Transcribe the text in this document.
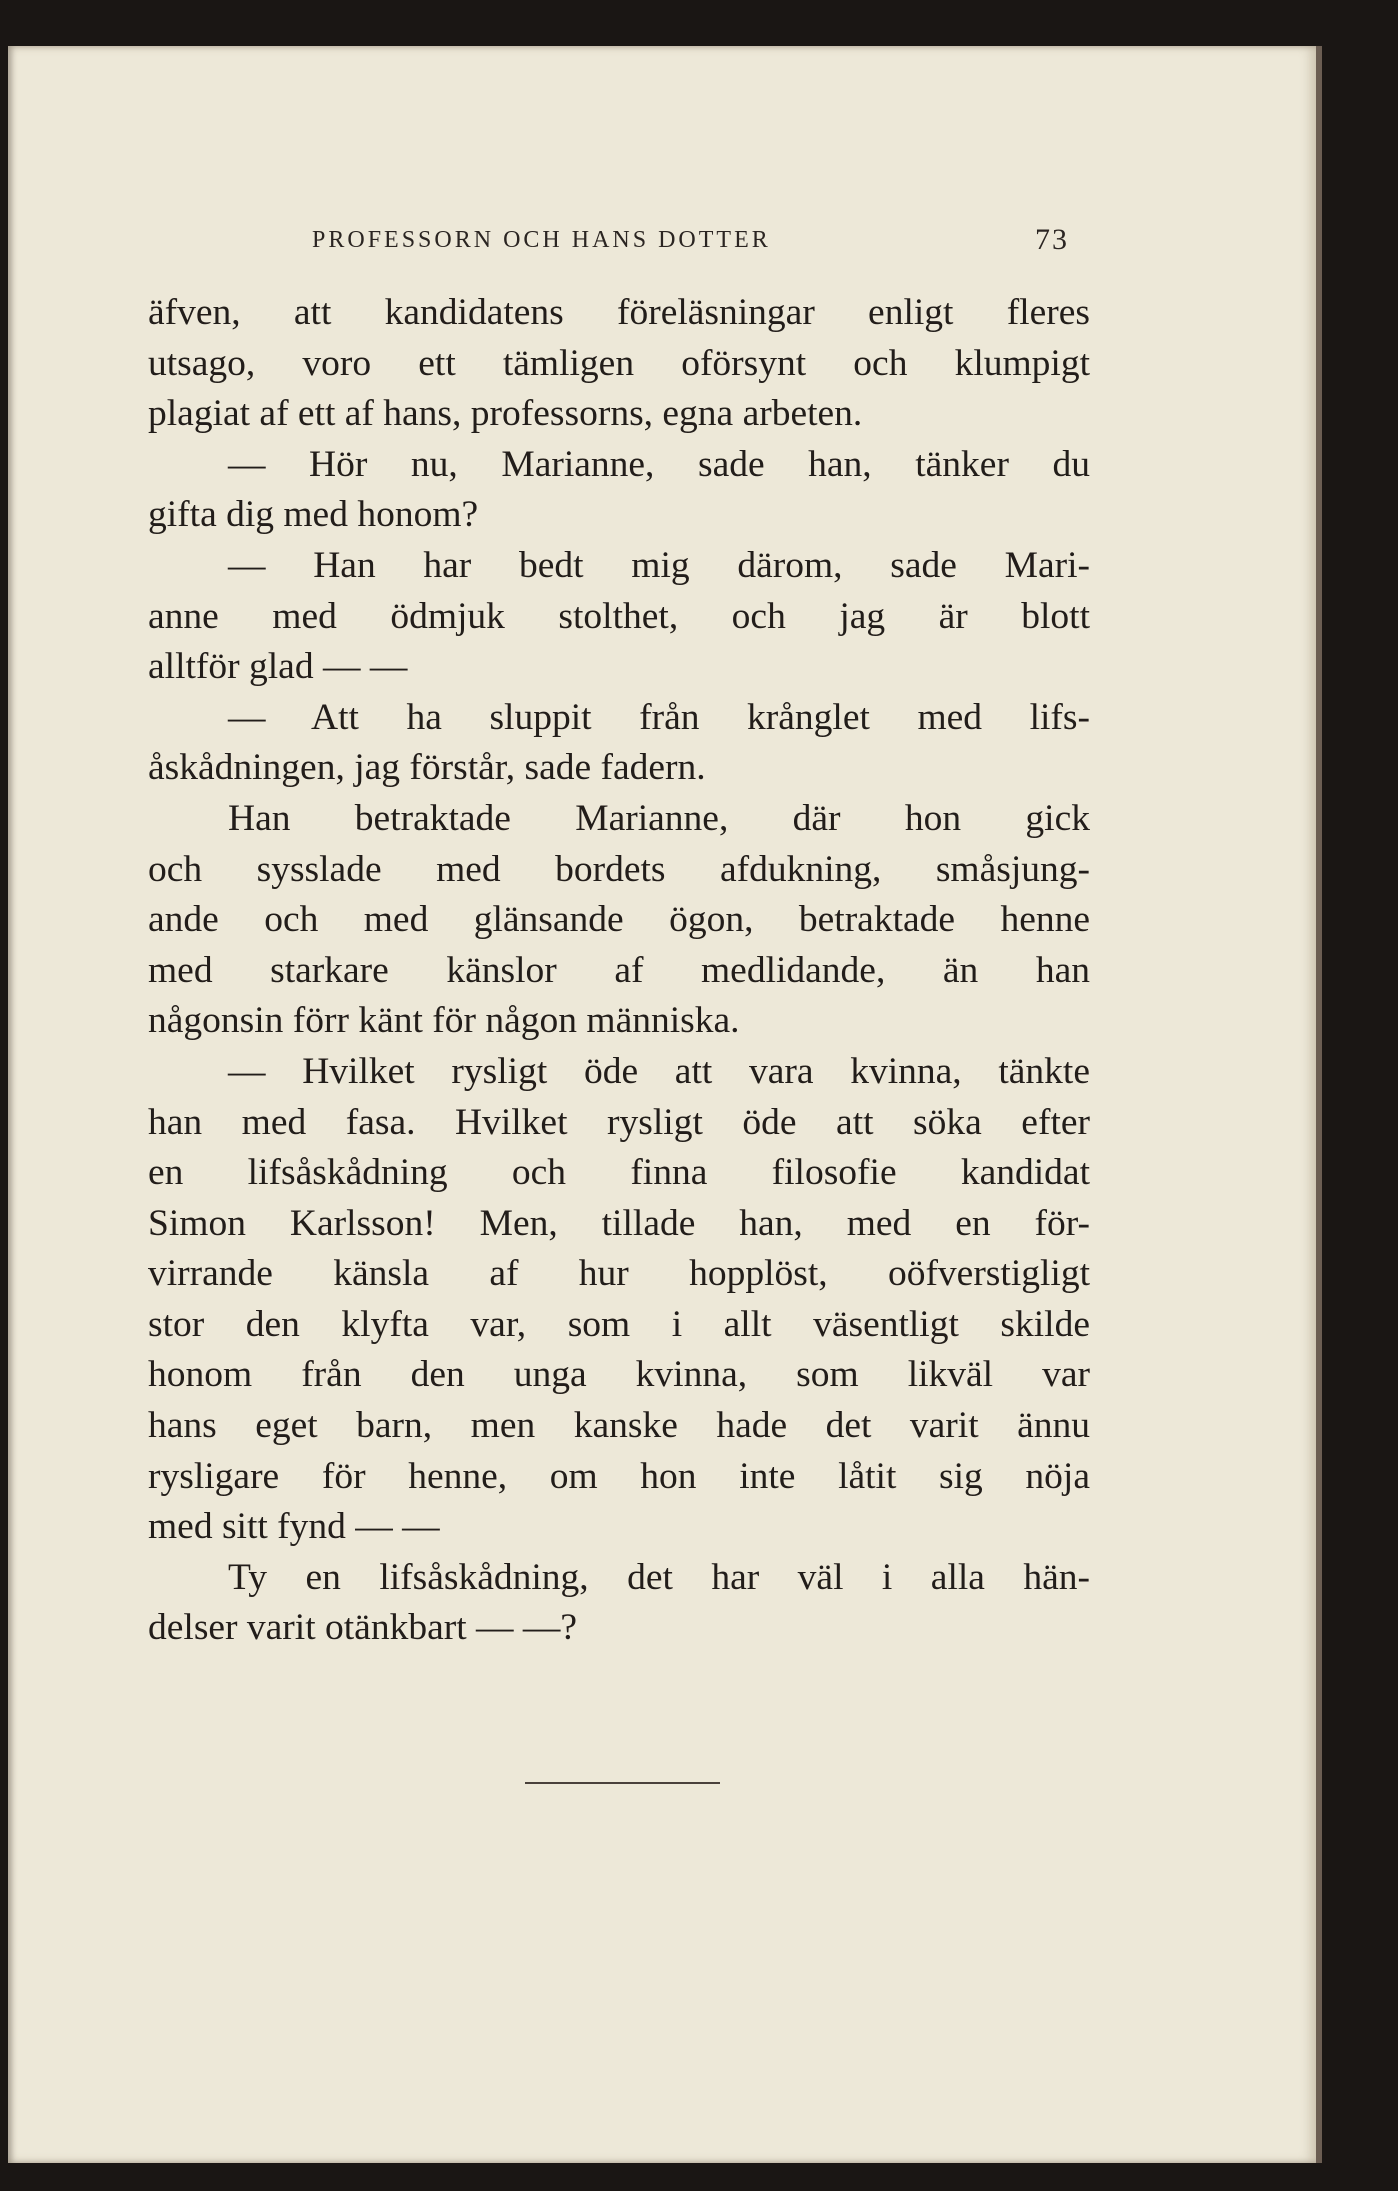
PROFESSORN OCH HANS DOTTER	73
äfven, att kandidatens föreläsningar enligt fleres
utsago, voro ett tämligen oförsynt och klumpigt
plagiat af ett af hans, professorns, egna arbeten.
— Hör nu, Marianne, sade han, tänker du
gifta dig med honom?
— Han har bedt mig därom, sade Mari-
anne med ödmjuk stolthet, och jag är blott
alltför glad — —
— Att ha sluppit från krånglet med lifs-
åskådningen, jag förstår, sade fadern.
Han betraktade Marianne, där hon gick
och sysslade med bordets afdukning, småsjung-
ande och med glänsande ögon, betraktade henne
med starkare känslor af medlidande, än han
någonsin förr känt för någon människa.
— Hvilket rysligt öde att vara kvinna, tänkte
han med fasa. Hvilket rysligt öde att söka efter
en lifsåskådning och finna filosofie kandidat
Simon Karlsson! Men, tillade han, med en för-
virrande känsla af hur hopplöst, oöfverstigligt
stor den klyfta var, som i allt väsentligt skilde
honom från den unga kvinna, som likväl var
hans eget barn, men kanske hade det varit ännu
rysligare för henne, om hon inte låtit sig nöja
med sitt fynd — —
Ty en lifsåskådning, det har väl i alla hän-
delser varit otänkbart — —?
